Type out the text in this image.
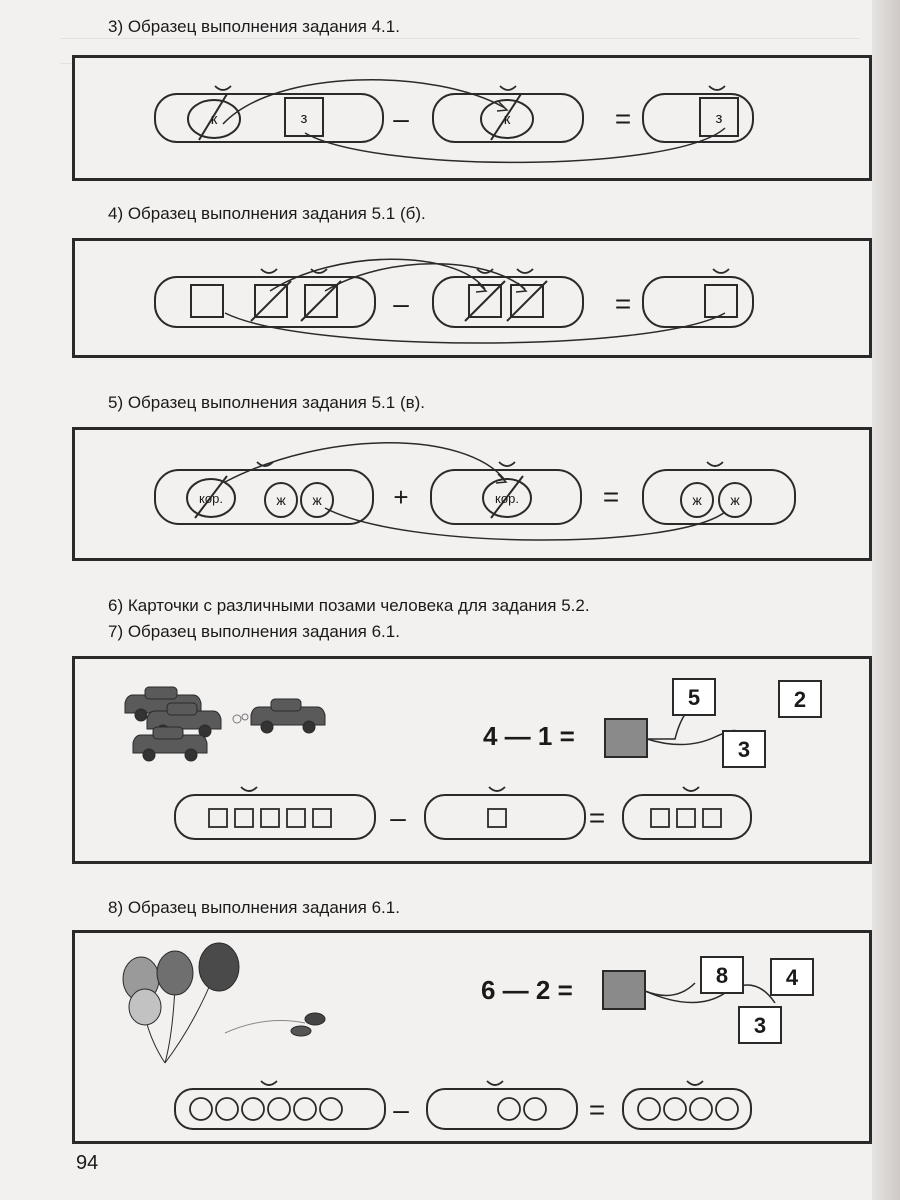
3) Образец выполнения задания 4.1.
к	з	–	к	=	з
4) Образец выполнения задания 5.1 (б).
–	=
5) Образец выполнения задания 5.1 (в).
кор.	ж ж	+	кор.	=	ж ж
6) Карточки с различными позами человека для задания 5.2.
7) Образец выполнения задания 6.1.
4 — 1 =
5	2
3
–	=
8) Образец выполнения задания 6.1.
6 — 2 =	8	4
3
–	=
94
